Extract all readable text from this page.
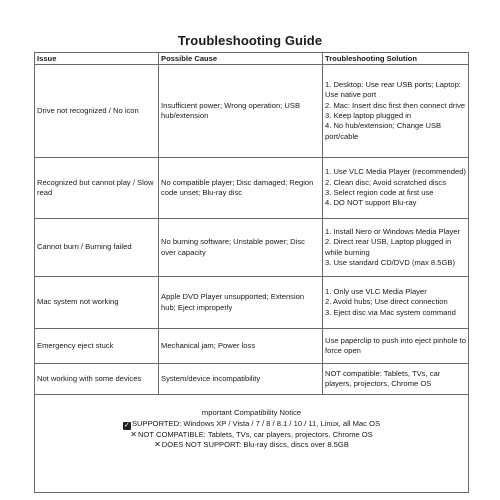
Troubleshooting Guide
Issue	Possible Cause	Troubleshooting Solution
Drive not recognized / No icon	Insufficient power; Wrong operation; USB hub/extension	1. Desktop: Use rear USB ports; Laptop: Use native port
2. Mac: Insert disc first then connect drive
3. Keep laptop plugged in
4. No hub/extension; Change USB port/cable

Recognized but cannot play / Slow read	No compatible player; Disc damaged; Region code unset; Blu-ray disc	1. Use VLC Media Player (recommended)
2. Clean disc; Avoid scratched discs
3. Select region code at first use
4. DO NOT support Blu-ray

Cannot burn / Burning failed	No burning software; Unstable power; Disc over capacity	1. Install Nero or Windows Media Player
2. Direct rear USB, Laptop plugged in while burning
3. Use standard CD/DVD (max 8.5GB)

Mac system not working	Apple DVD Player unsupported; Extension hub; Eject improperly	1. Only use VLC Media Player
2. Avoid hubs; Use direct connection
3. Eject disc via Mac system command

Emergency eject stuck	Mechanical jam; Power loss	Use paperclip to push into eject pinhole to force open

Not working with some devices	System/device incompatibility	NOT compatible: Tablets, TVs, car players, projectors, Chrome OS

mportant Compatibility Notice
✓ SUPPORTED: Windows XP / Vista / 7 / 8 / 8.1 / 10 / 11, Linux, all Mac OS
✕NOT COMPATIBLE: Tablets, TVs, car players, projectors, Chrome OS
✕DOES NOT SUPPORT: Blu-ray discs, discs over 8.5GB		
